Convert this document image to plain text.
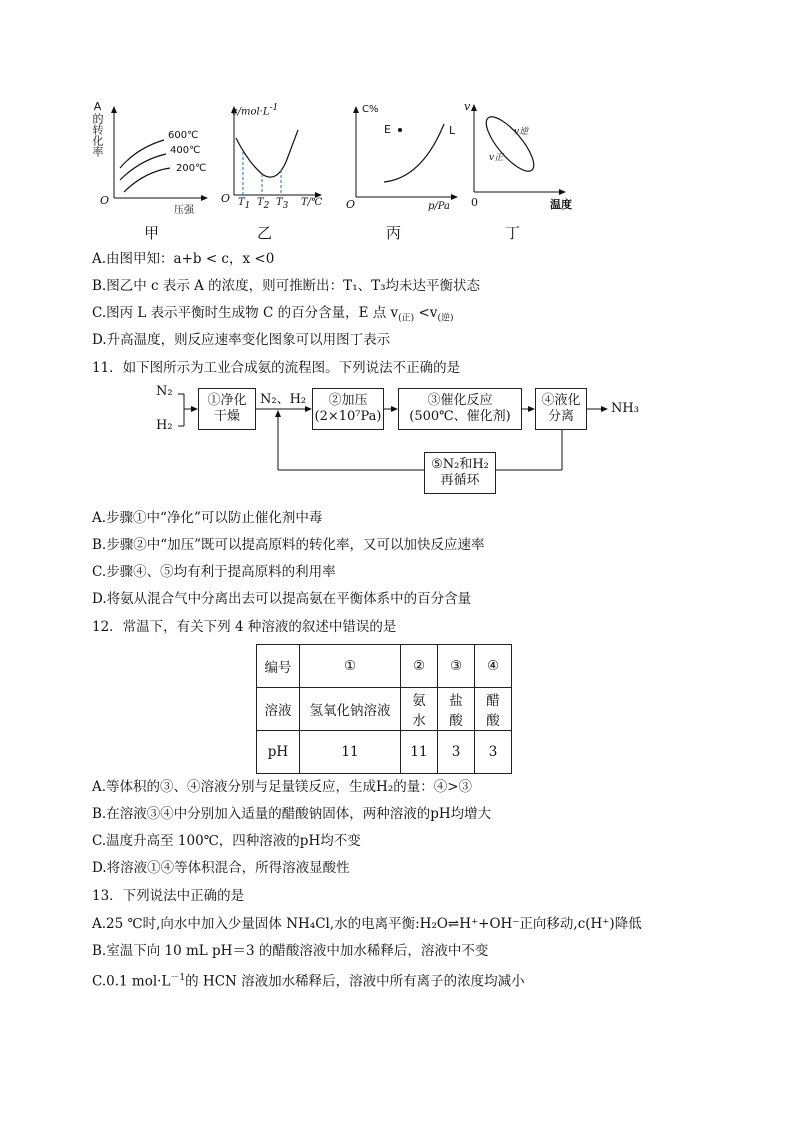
A的转化率	600℃
400℃
200℃
O
压强
甲
$c/mol\cdot L^{-1}$
O $T_1$ $T_2$ $T_3$ T/℃
乙
C%
E	L
O	p/Pa
丙
v
v逆
v正
0	温度
丁
A.由图甲知：a+b < c，x <0
B.图乙中 c 表示 A 的浓度，则可推断出：T₁、T₃均未达平衡状态
C.图丙 L 表示平衡时生成物 C 的百分含量，E 点 $v_{(正)} <v_{(逆)}$
D.升高温度，则反应速率变化图象可以用图丁表示
11．如下图所示为工业合成氨的流程图。下列说法不正确的是
N₂
H₂
①净化
干燥
N₂、H₂ ②加压
(2×10⁷Pa)
③催化反应
(500℃、催化剂)
④液化
分离
NH₃
⑤N₂和H₂
再循环
A.步骤①中“净化”可以防止催化剂中毒
B.步骤②中“加压”既可以提高原料的转化率，又可以加快反应速率
C.步骤④、⑤均有利于提高原料的利用率
D.将氨从混合气中分离出去可以提高氨在平衡体系中的百分含量
12．常温下，有关下列 4 种溶液的叙述中错误的是
编号	①	②	③	④
溶液	氢氧化钠溶液	氨水	盐酸	醋酸
pH	11	11	3	3
A.等体积的③、④溶液分别与足量镁反应，生成H₂的量：④>③
B.在溶液③④中分别加入适量的醋酸钠固体，两种溶液的pH均增大
C.温度升高至 100℃，四种溶液的pH均不变
D.将溶液①④等体积混合，所得溶液显酸性
13．下列说法中正确的是
A.25 ℃时,向水中加入少量固体 NH₄Cl,水的电离平衡:H₂O⇌H⁺+OH⁻正向移动,c(H⁺)降低
B.室温下向 10 mL pH＝3 的醋酸溶液中加水稀释后，溶液中不变
C.0.1 $mol\cdot L^{-1}$的 HCN 溶液加水稀释后，溶液中所有离子的浓度均减小
